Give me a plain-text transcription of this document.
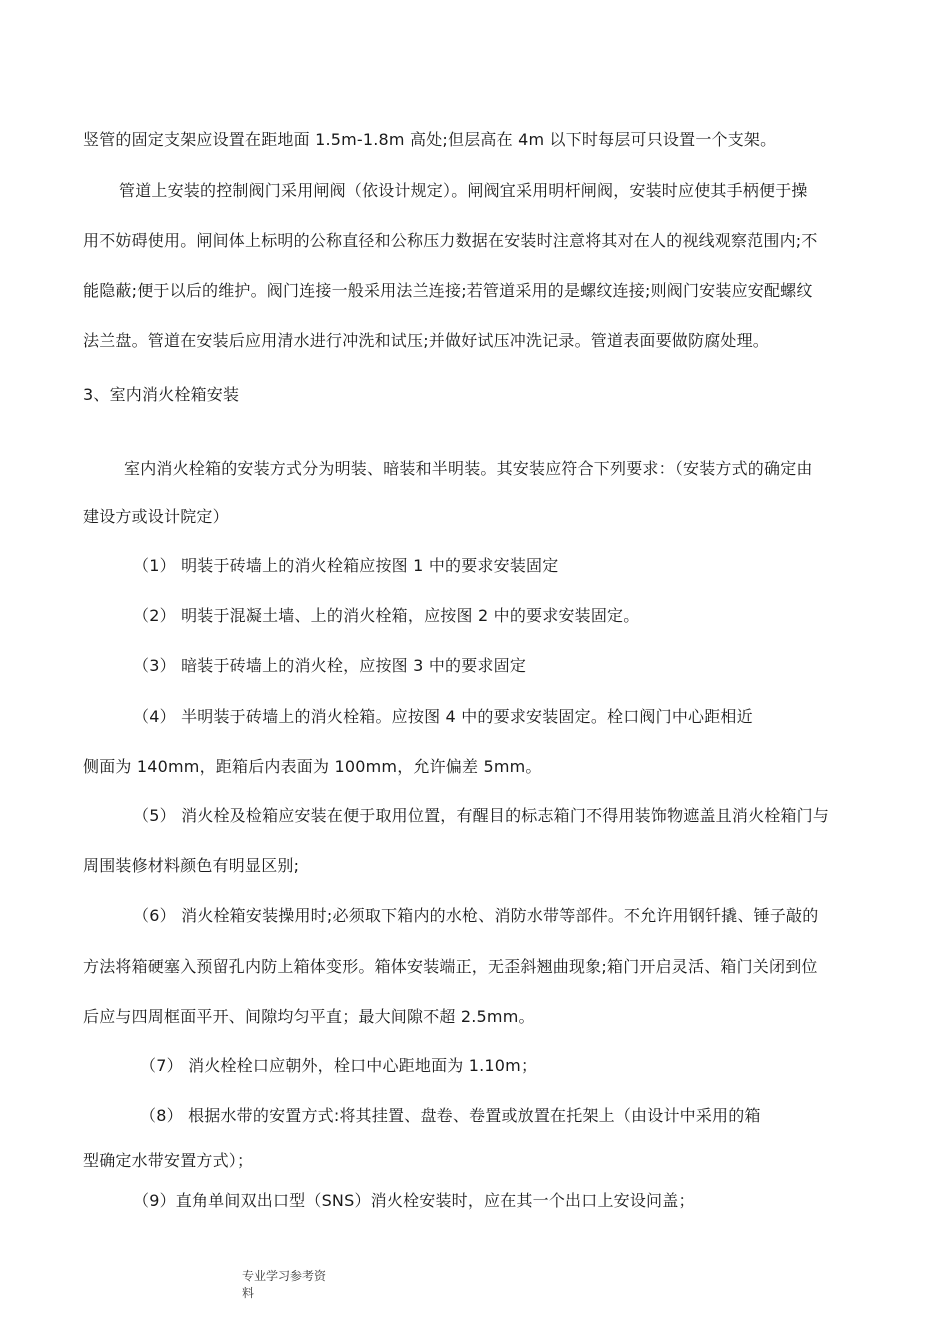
竖管的固定支架应设置在距地面 1.5m-1.8m 高处;但层高在 4m 以下时每层可只设置一个支架。
管道上安装的控制阀门采用闸阀（依设计规定）。闸阀宜采用明杆闸阀，安装时应使其手柄便于操
用不妨碍使用。闸间体上标明的公称直径和公称压力数据在安装时注意将其对在人的视线观察范围内;不
能隐蔽;便于以后的维护。阀门连接一般采用法兰连接;若管道采用的是螺纹连接;则阀门安装应安配螺纹
法兰盘。管道在安装后应用清水进行冲洗和试压;并做好试压冲洗记录。管道表面要做防腐处理。
3、室内消火栓箱安装
室内消火栓箱的安装方式分为明装、暗装和半明装。其安装应符合下列要求：（安装方式的确定由
建设方或设计院定）
（1） 明装于砖墙上的消火栓箱应按图 1 中的要求安装固定
（2） 明装于混凝土墙、上的消火栓箱，应按图 2 中的要求安装固定。
（3） 暗装于砖墙上的消火栓，应按图 3 中的要求固定
（4） 半明装于砖墙上的消火栓箱。应按图 4 中的要求安装固定。栓口阀门中心距相近
侧面为 140mm，距箱后内表面为 100mm，允许偏差 5mm。
（5） 消火栓及检箱应安装在便于取用位置，有醒目的标志箱门不得用装饰物遮盖且消火栓箱门与
周围装修材料颜色有明显区别;
（6） 消火栓箱安装操用时;必须取下箱内的水枪、消防水带等部件。不允许用钢钎撬、锤子敲的
方法将箱硬塞入预留孔内防上箱体变形。箱体安装端正，无歪斜翘曲现象;箱门开启灵活、箱门关闭到位
后应与四周框面平开、间隙均匀平直；最大间隙不超 2.5mm。
（7） 消火栓栓口应朝外，栓口中心距地面为 1.10m；
（8） 根据水带的安置方式:将其挂置、盘卷、卷置或放置在托架上（由设计中采用的箱
型确定水带安置方式）；
（9）直角单间双出口型（SNS）消火栓安装时，应在其一个出口上安设问盖；
专业学习参考资
料
